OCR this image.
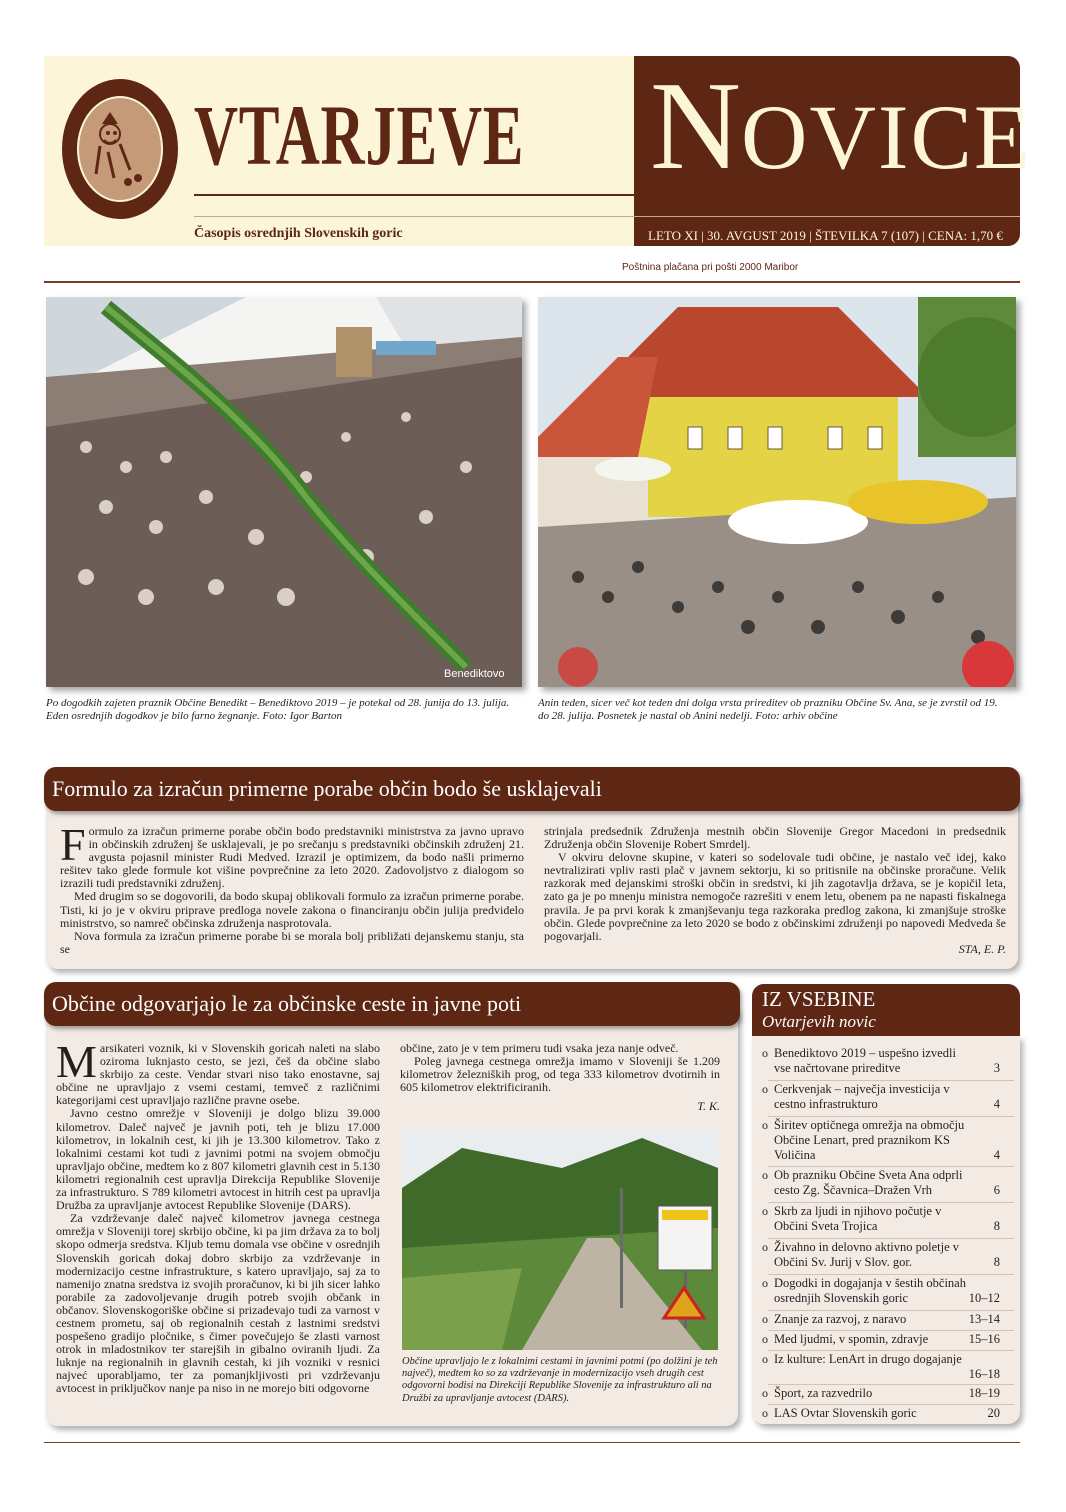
VTARJEVE NOVICE
Časopis osrednjih Slovenskih goric	LETO XI | 30. AVGUST 2019 | ŠTEVILKA 7 (107) | CENA: 1,70 €
Poštnina plačana pri pošti 2000 Maribor
Benediktovo
Po dogodkih zajeten praznik Občine Benedikt – Benediktovo 2019 – je potekal od 28. junija do 13. julija. Eden osrednjih dogodkov je bilo farno žegnanje. Foto: Igor Barton
Anin teden, sicer več kot teden dni dolga vrsta prireditev ob prazniku Občine Sv. Ana, se je zvrstil od 19. do 28. julija. Posnetek je nastal ob Anini nedelji. Foto: arhiv občine

Formulo za izračun primerne porabe občin bodo predstavniki ministrstva za javno upravo in občinskih združenj še usklajevali, je po srečanju s predstavniki občinskih združenj 21. avgusta pojasnil minister Rudi Medved. Izrazil je optimizem, da bodo našli primerno rešitev tako glede formule kot višine povprečnine za leto 2020. Zadovoljstvo z dialogom so izrazili tudi predstavniki združenj.

Med drugim so se dogovorili, da bodo skupaj oblikovali formulo za izračun primerne porabe. Tisti, ki jo je v okviru priprave predloga novele zakona o financiranju občin julija predvidelo ministrstvo, so namreč občinska združenja nasprotovala.

Nova formula za izračun primerne porabe bi se morala bolj približati dejanskemu stanju, sta se

strinjala predsednik Združenja mestnih občin Slovenije Gregor Macedoni in predsednik Združenja občin Slovenije Robert Smrdelj.

V okviru delovne skupine, v kateri so sodelovale tudi občine, je nastalo več idej, kako nevtralizirati vpliv rasti plač v javnem sektorju, ki so pritisnile na občinske proračune. Velik razkorak med dejanskimi stroški občin in sredstvi, ki jih zagotavlja država, se je kopičil leta, zato ga je po mnenju ministra nemogoče razrešiti v enem letu, obenem pa ne napasti fiskalnega pravila. Je pa prvi korak k zmanjševanju tega razkoraka predlog zakona, ki zmanjšuje stroške občin. Glede povprečnine za leto 2020 se bodo z občinskimi združenji po napovedi Medveda še pogovarjali.

STA, E. P.

Formulo za izračun primerne porabe občin bodo še usklajevali

Marsikateri voznik, ki v Slovenskih goricah naleti na slabo oziroma luknjasto cesto, se jezi, češ da občine slabo skrbijo za ceste. Vendar stvari niso tako enostavne, saj občine ne upravljajo z vsemi cestami, temveč z različnimi kategorijami cest upravljajo različne pravne osebe.

Javno cestno omrežje v Sloveniji je dolgo blizu 39.000 kilometrov. Daleč največ je javnih poti, teh je blizu 17.000 kilometrov, in lokalnih cest, ki jih je 13.300 kilometrov. Tako z lokalnimi cestami kot tudi z javnimi potmi na svojem območju upravljajo občine, medtem ko z 807 kilometri glavnih cest in 5.130 kilometri regionalnih cest upravlja Direkcija Republike Slovenije za infrastrukturo. S 789 kilometri avtocest in hitrih cest pa upravlja Družba za upravljanje avtocest Republike Slovenije (DARS).

Za vzdrževanje daleč največ kilometrov javnega cestnega omrežja v Sloveniji torej skrbijo občine, ki pa jim država za to bolj skopo odmerja sredstva. Kljub temu domala vse občine v osrednjih Slovenskih goricah dokaj dobro skrbijo za vzdrževanje in modernizacijo cestne infrastrukture, s katero upravljajo, saj za to namenijo znatna sredstva iz svojih proračunov, ki bi jih sicer lahko porabile za zadovoljevanje drugih potreb svojih občank in občanov. Slovenskogoriške občine si prizadevajo tudi za varnost v cestnem prometu, saj ob regionalnih cestah z lastnimi sredstvi pospešeno gradijo pločnike, s čimer povečujejo še zlasti varnost otrok in mladostnikov ter starejših in gibalno oviranih ljudi. Za luknje na regionalnih in glavnih cestah, ki jih vozniki v resnici najveć uporabljamo, ter za pomanjkljivosti pri vzdrževanju avtocest in priključkov nanje pa niso in ne morejo biti odgovorne

občine, zato je v tem primeru tudi vsaka jeza nanje odveč.

Poleg javnega cestnega omrežja imamo v Sloveniji še 1.209 kilometrov železniških prog, od tega 333 kilometrov dvotirnih in 605 kilometrov elektrificiranih.

T. K.

Občine upravljajo le z lokalnimi cestami in javnimi potmi (po dolžini je teh največ), medtem ko so za vzdrževanje in modernizacijo vseh drugih cest odgovorni bodisi na Direkciji Republike Slovenije za infrastrukturo ali na Družbi za upravljanje avtocest (DARS).
Občine odgovarjajo le za občinske ceste in javne poti
o Benediktovo 2019 – uspešno izvedli vse načrtovane prireditve	3
o Cerkvenjak – največja investicija v cestno infrastrukturo	4
o Širitev optičnega omrežja na območju Občine Lenart, pred praznikom KS Voličina	4
o Ob prazniku Občine Sveta Ana odprli cesto Zg. Ščavnica–Dražen Vrh	6
o Skrb za ljudi in njihovo počutje v Občini Sveta Trojica	8
o Živahno in delovno aktivno poletje v Občini Sv. Jurij v Slov. gor.	8
o Dogodki in dogajanja v šestih občinah osrednjih Slovenskih goric	10–12
o Znanje za razvoj, z naravo	13–14
o Med ljudmi, v spomin, zdravje	15–16
o Iz kulture: LenArt in drugo dogajanje
16–18
o Šport, za razvedrilo	18–19
o LAS Ovtar Slovenskih goric	20
IZ VSEBINE
Ovtarjevih novic
